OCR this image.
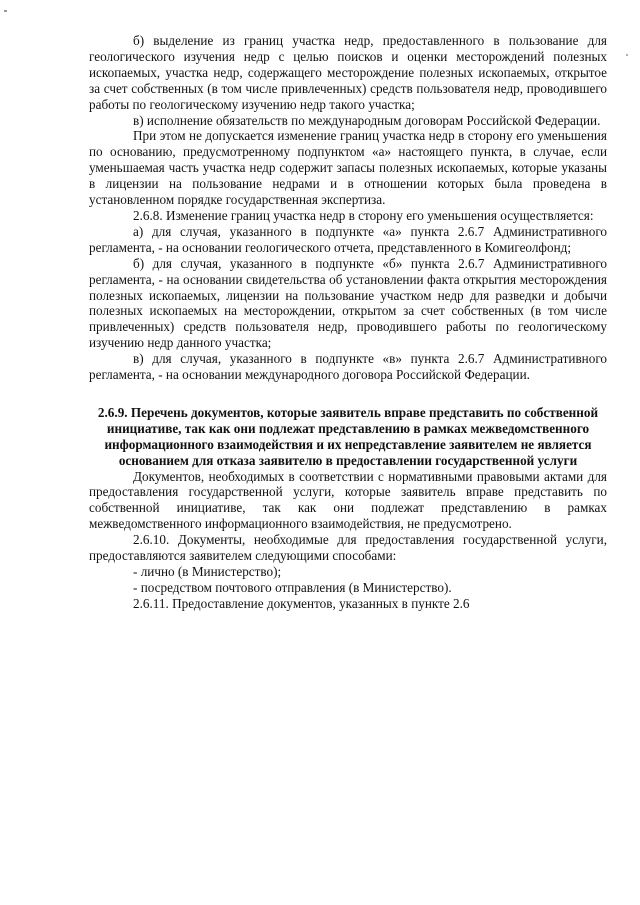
б) выделение из границ участка недр, предоставленного в пользование для геологического изучения недр с целью поисков и оценки месторождений полезных ископаемых, участка недр, содержащего месторождение полезных ископаемых, открытое за счет собственных (в том числе привлеченных) средств пользователя недр, проводившего работы по геологическому изучению недр такого участка;

в) исполнение обязательств по международным договорам Российской Федерации.

При этом не допускается изменение границ участка недр в сторону его уменьшения по основанию, предусмотренному подпунктом «а» настоящего пункта, в случае, если уменьшаемая часть участка недр содержит запасы полезных ископаемых, которые указаны в лицензии на пользование недрами и в отношении которых была проведена в установленном порядке государственная экспертиза.

2.6.8. Изменение границ участка недр в сторону его уменьшения осуществляется:

а) для случая, указанного в подпункте «а» пункта 2.6.7 Административного регламента, - на основании геологического отчета, представленного в Комигеолфонд;

б) для случая, указанного в подпункте «б» пункта 2.6.7 Административного регламента, - на основании свидетельства об установлении факта открытия месторождения полезных ископаемых, лицензии на пользование участком недр для разведки и добычи полезных ископаемых на месторождении, открытом за счет собственных (в том числе привлеченных) средств пользователя недр, проводившего работы по геологическому изучению недр данного участка;

в) для случая, указанного в подпункте «в» пункта 2.6.7 Административного регламента, - на основании международного договора Российской Федерации.

2.6.9. Перечень документов, которые заявитель вправе представить по собственной инициативе, так как они подлежат представлению в рамках межведомственного информационного взаимодействия и их непредставление заявителем не является основанием для отказа заявителю в предоставлении государственной услуги

Документов, необходимых в соответствии с нормативными правовыми актами для предоставления государственной услуги, которые заявитель вправе представить по собственной инициативе, так как они подлежат представлению в рамках межведомственного информационного взаимодействия, не предусмотрено.

2.6.10. Документы, необходимые для предоставления государственной услуги, предоставляются заявителем следующими способами:

- лично (в Министерство);

- посредством почтового отправления (в Министерство).

2.6.11. Предоставление документов, указанных в пункте 2.6
